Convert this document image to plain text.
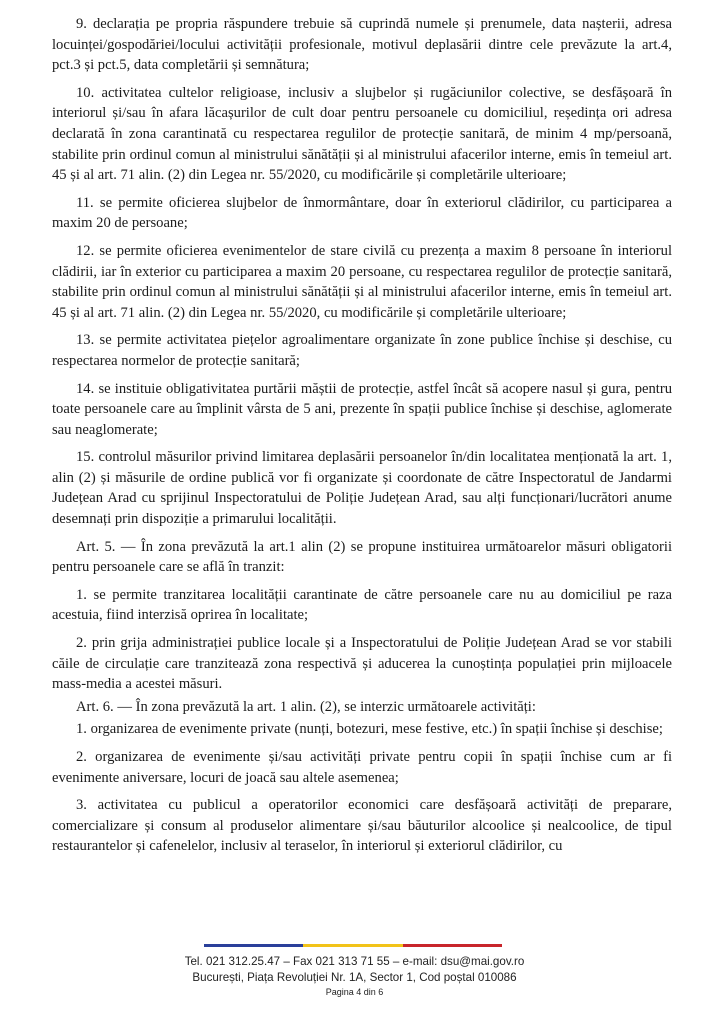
9. declarația pe propria răspundere trebuie să cuprindă numele și prenumele, data nașterii, adresa locuinței/gospodăriei/locului activității profesionale, motivul deplasării dintre cele prevăzute la art.4, pct.3 și pct.5, data completării și semnătura;

10. activitatea cultelor religioase, inclusiv a slujbelor și rugăciunilor colective, se desfășoară în interiorul și/sau în afara lăcașurilor de cult doar pentru persoanele cu domiciliul, reședința ori adresa declarată în zona carantinată cu respectarea regulilor de protecție sanitară, de minim 4 mp/persoană, stabilite prin ordinul comun al ministrului sănătății și al ministrului afacerilor interne, emis în temeiul art. 45 și al art. 71 alin. (2) din Legea nr. 55/2020, cu modificările și completările ulterioare;

11. se permite oficierea slujbelor de înmormântare, doar în exteriorul clădirilor, cu participarea a maxim 20 de persoane;

12. se permite oficierea evenimentelor de stare civilă cu prezența a maxim 8 persoane în interiorul clădirii, iar în exterior cu participarea a maxim 20 persoane, cu respectarea regulilor de protecție sanitară, stabilite prin ordinul comun al ministrului sănătății și al ministrului afacerilor interne, emis în temeiul art. 45 și al art. 71 alin. (2) din Legea nr. 55/2020, cu modificările și completările ulterioare;

13. se permite activitatea piețelor agroalimentare organizate în zone publice închise și deschise, cu respectarea normelor de protecție sanitară;

14. se instituie obligativitatea purtării măștii de protecție, astfel încât să acopere nasul și gura, pentru toate persoanele care au împlinit vârsta de 5 ani, prezente în spații publice închise și deschise, aglomerate sau neaglomerate;

15. controlul măsurilor privind limitarea deplasării persoanelor în/din localitatea menționată la art. 1, alin (2) și măsurile de ordine publică vor fi organizate și coordonate de către Inspectoratul de Jandarmi Județean Arad cu sprijinul Inspectoratului de Poliție Județean Arad, sau alți funcționari/lucrători anume desemnați prin dispoziție a primarului localității.

Art. 5. — În zona prevăzută la art.1 alin (2) se propune instituirea următoarelor măsuri obligatorii pentru persoanele care se află în tranzit:

1. se permite tranzitarea localității carantinate de către persoanele care nu au domiciliul pe raza acestuia, fiind interzisă oprirea în localitate;

2. prin grija administrației publice locale și a Inspectoratului de Poliție Județean Arad se vor stabili căile de circulație care tranzitează zona respectivă și aducerea la cunoștința populației prin mijloacele mass-media a acestei măsuri.

Art. 6. — În zona prevăzută la art. 1 alin. (2), se interzic următoarele activități:

1. organizarea de evenimente private (nunți, botezuri, mese festive, etc.) în spații închise și deschise;

2. organizarea de evenimente și/sau activități private pentru copii în spații închise cum ar fi evenimente aniversare, locuri de joacă sau altele asemenea;

3. activitatea cu publicul a operatorilor economici care desfășoară activități de preparare, comercializare și consum al produselor alimentare și/sau băuturilor alcoolice și nealcoolice, de tipul restaurantelor și cafenelelor, inclusiv al teraselor, în interiorul și exteriorul clădirilor, cu

Tel. 021 312.25.47 – Fax 021 313 71 55 – e-mail: dsu@mai.gov.ro
București, Piața Revoluției Nr. 1A, Sector 1, Cod poștal 010086
Pagina 4 din 6
